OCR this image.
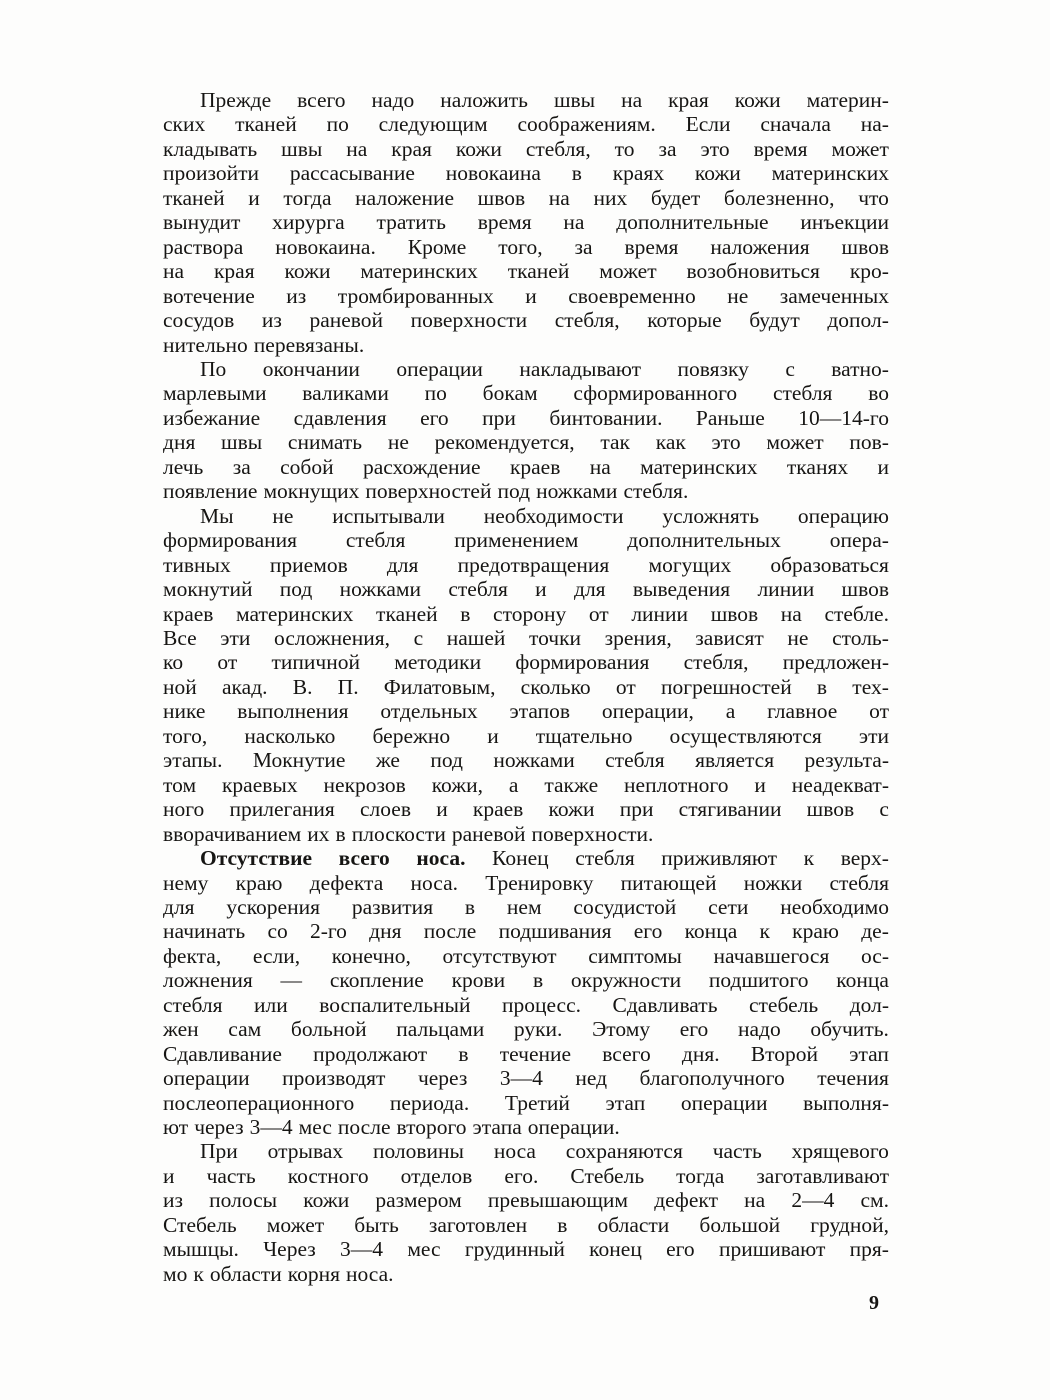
Прежде всего надо наложить швы на края кожи материн-
ских тканей по следующим соображениям. Если сначала на-
кладывать швы на края кожи стебля, то за это время может
произойти рассасывание новокаина в краях кожи материнских
тканей и тогда наложение швов на них будет болезненно, что
вынудит хирурга тратить время на дополнительные инъекции
раствора новокаина. Кроме того, за время наложения швов
на края кожи материнских тканей может возобновиться кро-
вотечение из тромбированных и своевременно не замеченных
сосудов из раневой поверхности стебля, которые будут допол-
нительно перевязаны.
По окончании операции накладывают повязку с ватно-
марлевыми валиками по бокам сформированного стебля во
избежание сдавления его при бинтовании. Раньше 10—14-го
дня швы снимать не рекомендуется, так как это может пов-
лечь за собой расхождение краев на материнских тканях и
появление мокнущих поверхностей под ножками стебля.
Мы не испытывали необходимости усложнять операцию
формирования стебля применением дополнительных опера-
тивных приемов для предотвращения могущих образоваться
мокнутий под ножками стебля и для выведения линии швов
краев материнских тканей в сторону от линии швов на стебле.
Все эти осложнения, с нашей точки зрения, зависят не столь-
ко от типичной методики формирования стебля, предложен-
ной акад. В. П. Филатовым, сколько от погрешностей в тех-
нике выполнения отдельных этапов операции, а главное от
того, насколько бережно и тщательно осуществляются эти
этапы. Мокнутие же под ножками стебля является результа-
том краевых некрозов кожи, а также неплотного и неадекват-
ного прилегания слоев и краев кожи при стягивании швов с
вворачиванием их в плоскости раневой поверхности.
Отсутствие всего носа. Конец стебля приживляют к верх-
нему краю дефекта носа. Тренировку питающей ножки стебля
для ускорения развития в нем сосудистой сети необходимо
начинать со 2-го дня после подшивания его конца к краю де-
фекта, если, конечно, отсутствуют симптомы начавшегося ос-
ложнения — скопление крови в окружности подшитого конца
стебля или воспалительный процесс. Сдавливать стебель дол-
жен сам больной пальцами руки. Этому его надо обучить.
Сдавливание продолжают в течение всего дня. Второй этап
операции производят через 3—4 нед благополучного течения
послеоперационного периода. Третий этап операции выполня-
ют через 3—4 мес после второго этапа операции.
При отрывах половины носа сохраняются часть хрящевого
и часть костного отделов его. Стебель тогда заготавливают
из полосы кожи размером превышающим дефект на 2—4 см.
Стебель может быть заготовлен в области большой грудной,
мышцы. Через 3—4 мес грудинный конец его пришивают пря-
мо к области корня носа.
9
